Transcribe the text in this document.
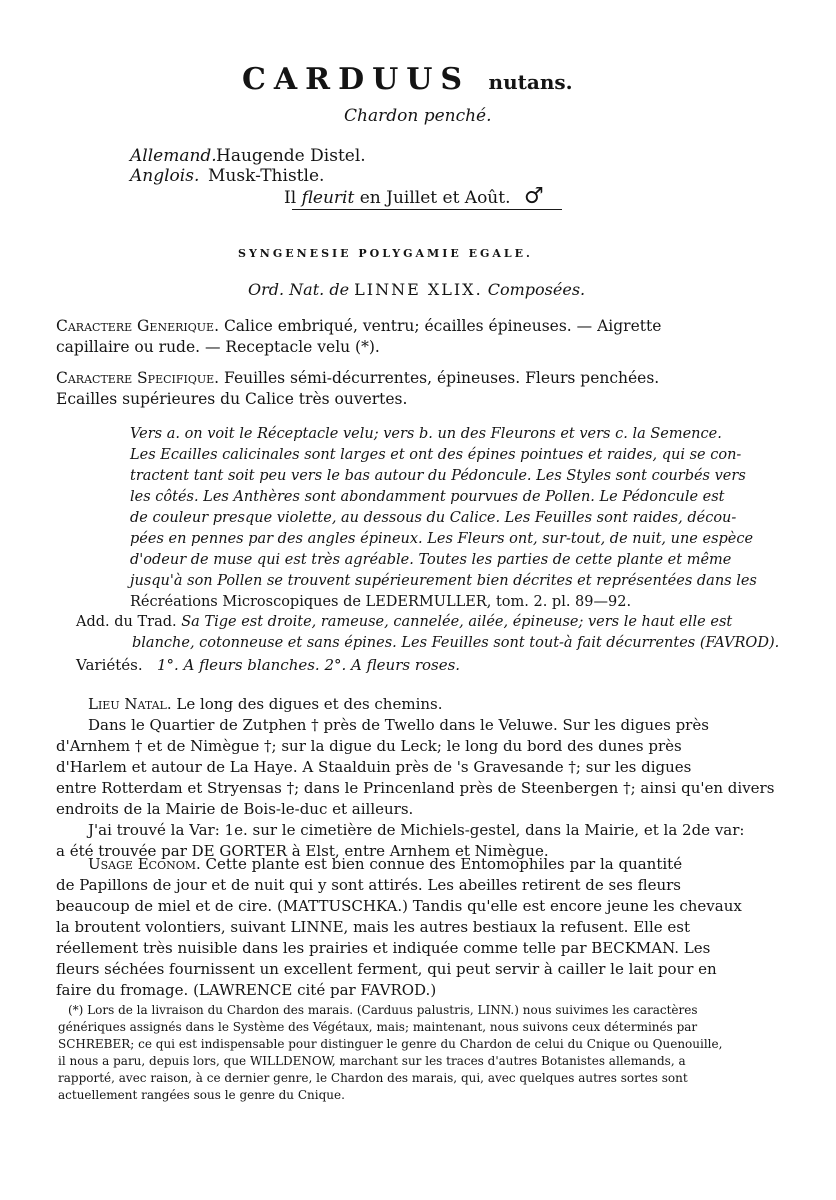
CARDUUS nutans.
Chardon penché.
Allemand.Haugende Distel.
Anglois. Musk-Thistle.
Il fleurit en Juillet et Août. ♂
SYNGENESIE POLYGAMIE EGALE.
Ord. Nat. de LINNE XLIX. Composées.
Caractere Generique. Calice embriqué, ventru; écailles épineuses. — Aigrette
capillaire ou rude. — Receptacle velu (*).
Caractere Specifique. Feuilles sémi-décurrentes, épineuses. Fleurs penchées.
Ecailles supérieures du Calice très ouvertes.
Vers a. on voit le Réceptacle velu; vers b. un des Fleurons et vers c. la Semence.
Les Ecailles calicinales sont larges et ont des épines pointues et raides, qui se con-
tractent tant soit peu vers le bas autour du Pédoncule. Les Styles sont courbés vers
les côtés. Les Anthères sont abondamment pourvues de Pollen. Le Pédoncule est
de couleur presque violette, au dessous du Calice. Les Feuilles sont raides, décou-
pées en pennes par des angles épineux. Les Fleurs ont, sur-tout, de nuit, une espèce
d'odeur de muse qui est très agréable. Toutes les parties de cette plante et même
jusqu'à son Pollen se trouvent supérieurement bien décrites et représentées dans les
Récréations Microscopiques de LEDERMULLER, tom. 2. pl. 89—92.
Add. du Trad. Sa Tige est droite, rameuse, cannelée, ailée, épineuse; vers le haut elle est
blanche, cotonneuse et sans épines. Les Feuilles sont tout-à fait décurrentes (FAVROD).
Variétés. 1°. A fleurs blanches. 2°. A fleurs roses.
Lieu Natal. Le long des digues et des chemins.
Dans le Quartier de Zutphen † près de Twello dans le Veluwe. Sur les digues près
d'Arnhem † et de Nimègue †; sur la digue du Leck; le long du bord des dunes près
d'Harlem et autour de La Haye. A Staalduin près de 's Gravesande †; sur les digues
entre Rotterdam et Stryensas †; dans le Princenland près de Steenbergen †; ainsi qu'en divers
endroits de la Mairie de Bois-le-duc et ailleurs.
J'ai trouvé la Var: 1e. sur le cimetière de Michiels-gestel, dans la Mairie, et la 2de var:
a été trouvée par DE GORTER à Elst, entre Arnhem et Nimègue.
Usage Econom. Cette plante est bien connue des Entomophiles par la quantité
de Papillons de jour et de nuit qui y sont attirés. Les abeilles retirent de ses fleurs
beaucoup de miel et de cire. (MATTUSCHKA.) Tandis qu'elle est encore jeune les chevaux
la broutent volontiers, suivant LINNE, mais les autres bestiaux la refusent. Elle est
réellement très nuisible dans les prairies et indiquée comme telle par BECKMAN. Les
fleurs séchées fournissent un excellent ferment, qui peut servir à cailler le lait pour en
faire du fromage. (LAWRENCE cité par FAVROD.)
(*) Lors de la livraison du Chardon des marais. (Carduus palustris, LINN.) nous suivimes les caractères
génériques assignés dans le Système des Végétaux, mais; maintenant, nous suivons ceux déterminés par
SCHREBER; ce qui est indispensable pour distinguer le genre du Chardon de celui du Cnique ou Quenouille,
il nous a paru, depuis lors, que WILLDENOW, marchant sur les traces d'autres Botanistes allemands, a
rapporté, avec raison, à ce dernier genre, le Chardon des marais, qui, avec quelques autres sortes sont
actuellement rangées sous le genre du Cnique.
